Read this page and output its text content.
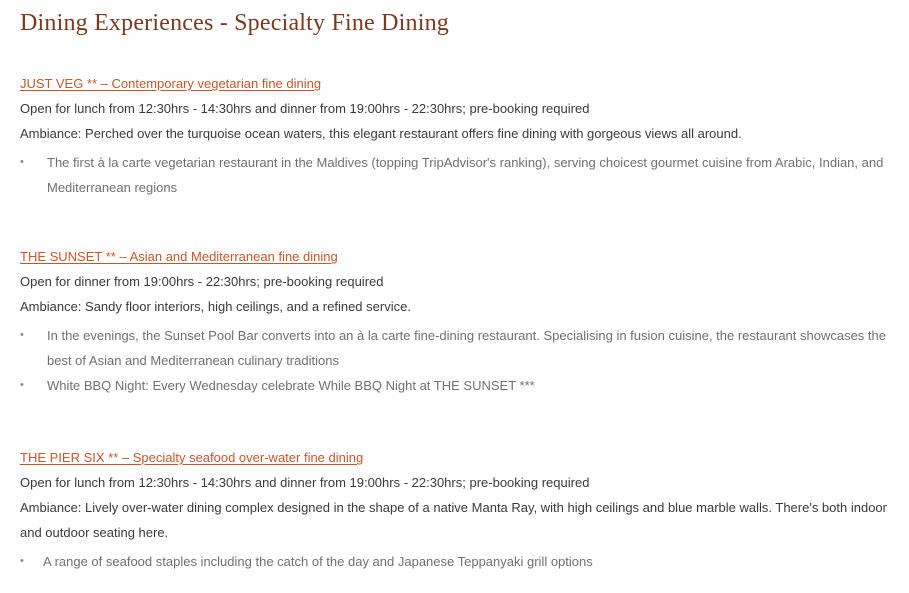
Dining Experiences - Specialty Fine Dining
JUST VEG ** – Contemporary vegetarian fine dining
Open for lunch from 12:30hrs - 14:30hrs and dinner from 19:00hrs - 22:30hrs; pre-booking required
Ambiance: Perched over the turquoise ocean waters, this elegant restaurant offers fine dining with gorgeous views all around.
• The first à la carte vegetarian restaurant in the Maldives (topping TripAdvisor's ranking), serving choicest gourmet cuisine from Arabic, Indian, and Mediterranean regions
THE SUNSET ** – Asian and Mediterranean fine dining
Open for dinner from 19:00hrs - 22:30hrs; pre-booking required
Ambiance: Sandy floor interiors, high ceilings, and a refined service.
• In the evenings, the Sunset Pool Bar converts into an à la carte fine-dining restaurant. Specialising in fusion cuisine, the restaurant showcases the best of Asian and Mediterranean culinary traditions
• White BBQ Night: Every Wednesday celebrate While BBQ Night at THE SUNSET ***
THE PIER SIX ** – Specialty seafood over-water fine dining
Open for lunch from 12:30hrs - 14:30hrs and dinner from 19:00hrs - 22:30hrs; pre-booking required
Ambiance: Lively over-water dining complex designed in the shape of a native Manta Ray, with high ceilings and blue marble walls. There's both indoor and outdoor seating here.
• A range of seafood staples including the catch of the day and Japanese Teppanyaki grill options
